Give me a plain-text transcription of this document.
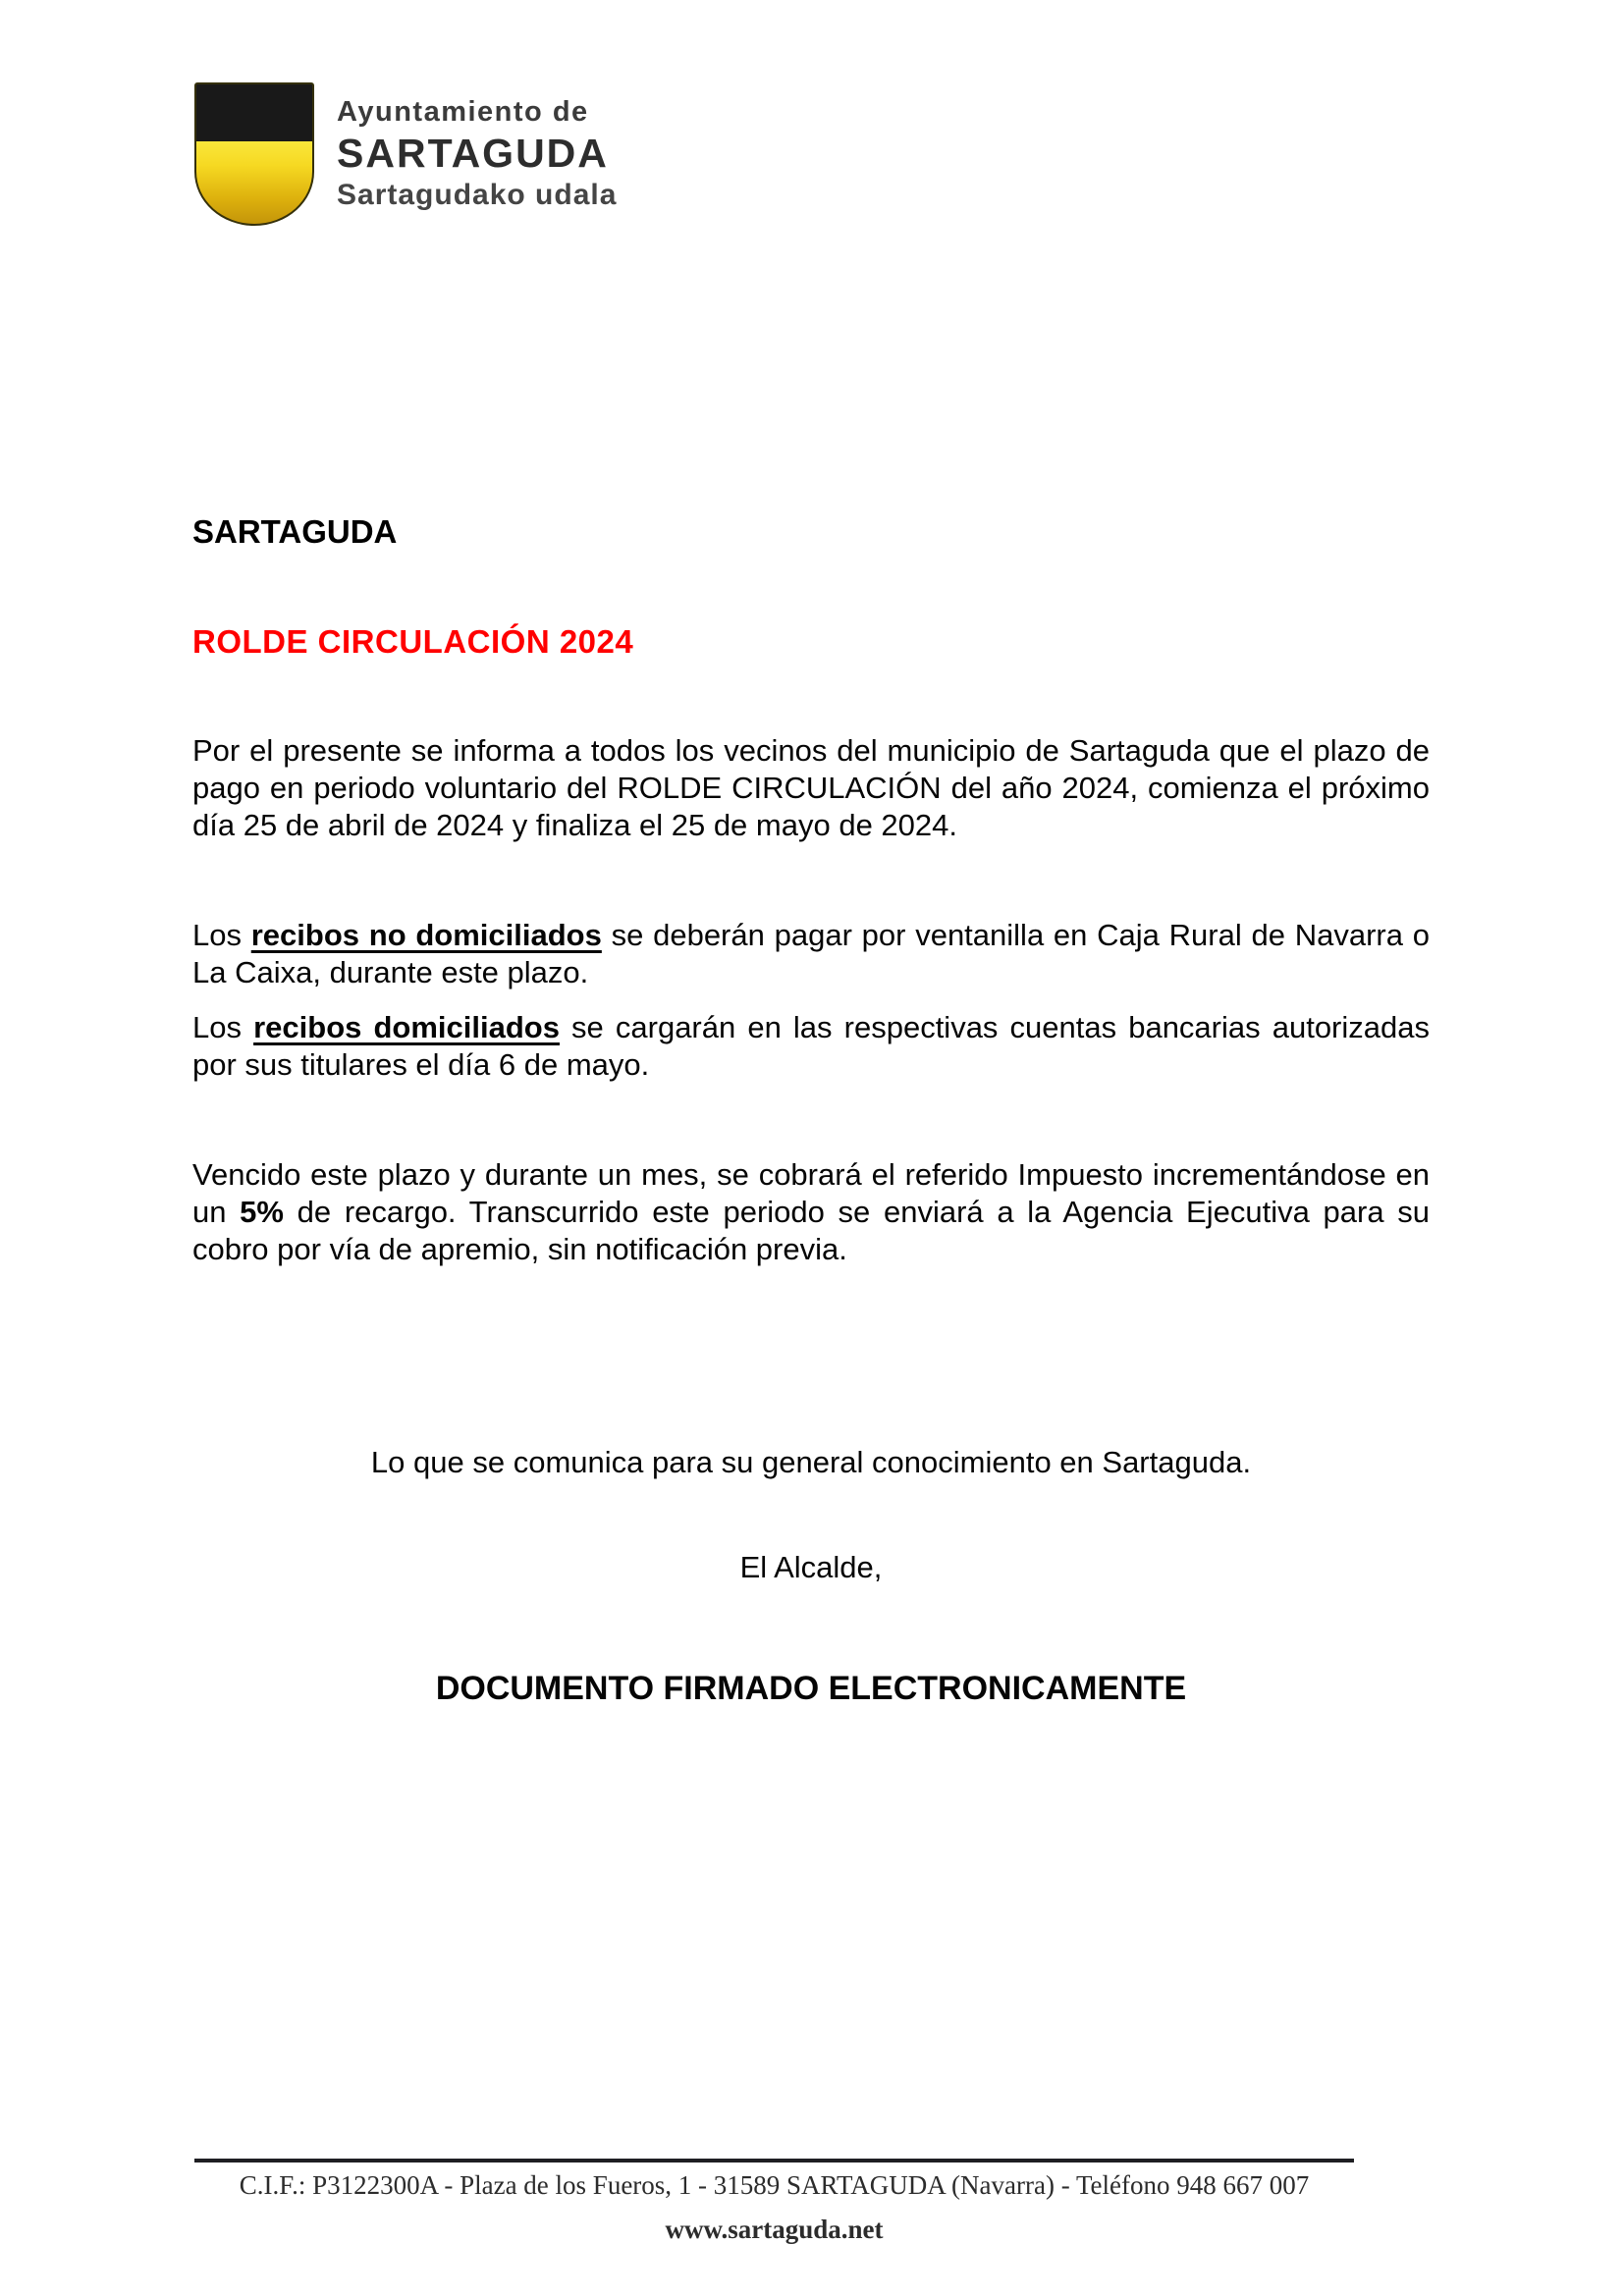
Ayuntamiento de
SARTAGUDA
Sartagudako udala
SARTAGUDA
ROLDE CIRCULACIÓN 2024

Por el presente se informa a todos los vecinos del municipio de Sartaguda que el plazo de pago en periodo voluntario del ROLDE CIRCULACIÓN del año 2024, comienza el próximo día 25 de abril de 2024 y finaliza el 25 de mayo de 2024.

Los recibos no domiciliados se deberán pagar por ventanilla en Caja Rural de Navarra o La Caixa, durante este plazo.

Los recibos domiciliados se cargarán en las respectivas cuentas bancarias autorizadas por sus titulares el día 6 de mayo.

Vencido este plazo y durante un mes, se cobrará el referido Impuesto incrementándose en un 5% de recargo. Transcurrido este periodo se enviará a la Agencia Ejecutiva para su cobro por vía de apremio, sin notificación previa.

Lo que se comunica para su general conocimiento en Sartaguda.

El Alcalde,

DOCUMENTO FIRMADO ELECTRONICAMENTE

C.I.F.: P3122300A - Plaza de los Fueros, 1 - 31589 SARTAGUDA (Navarra) - Teléfono 948 667 007
www.sartaguda.net
